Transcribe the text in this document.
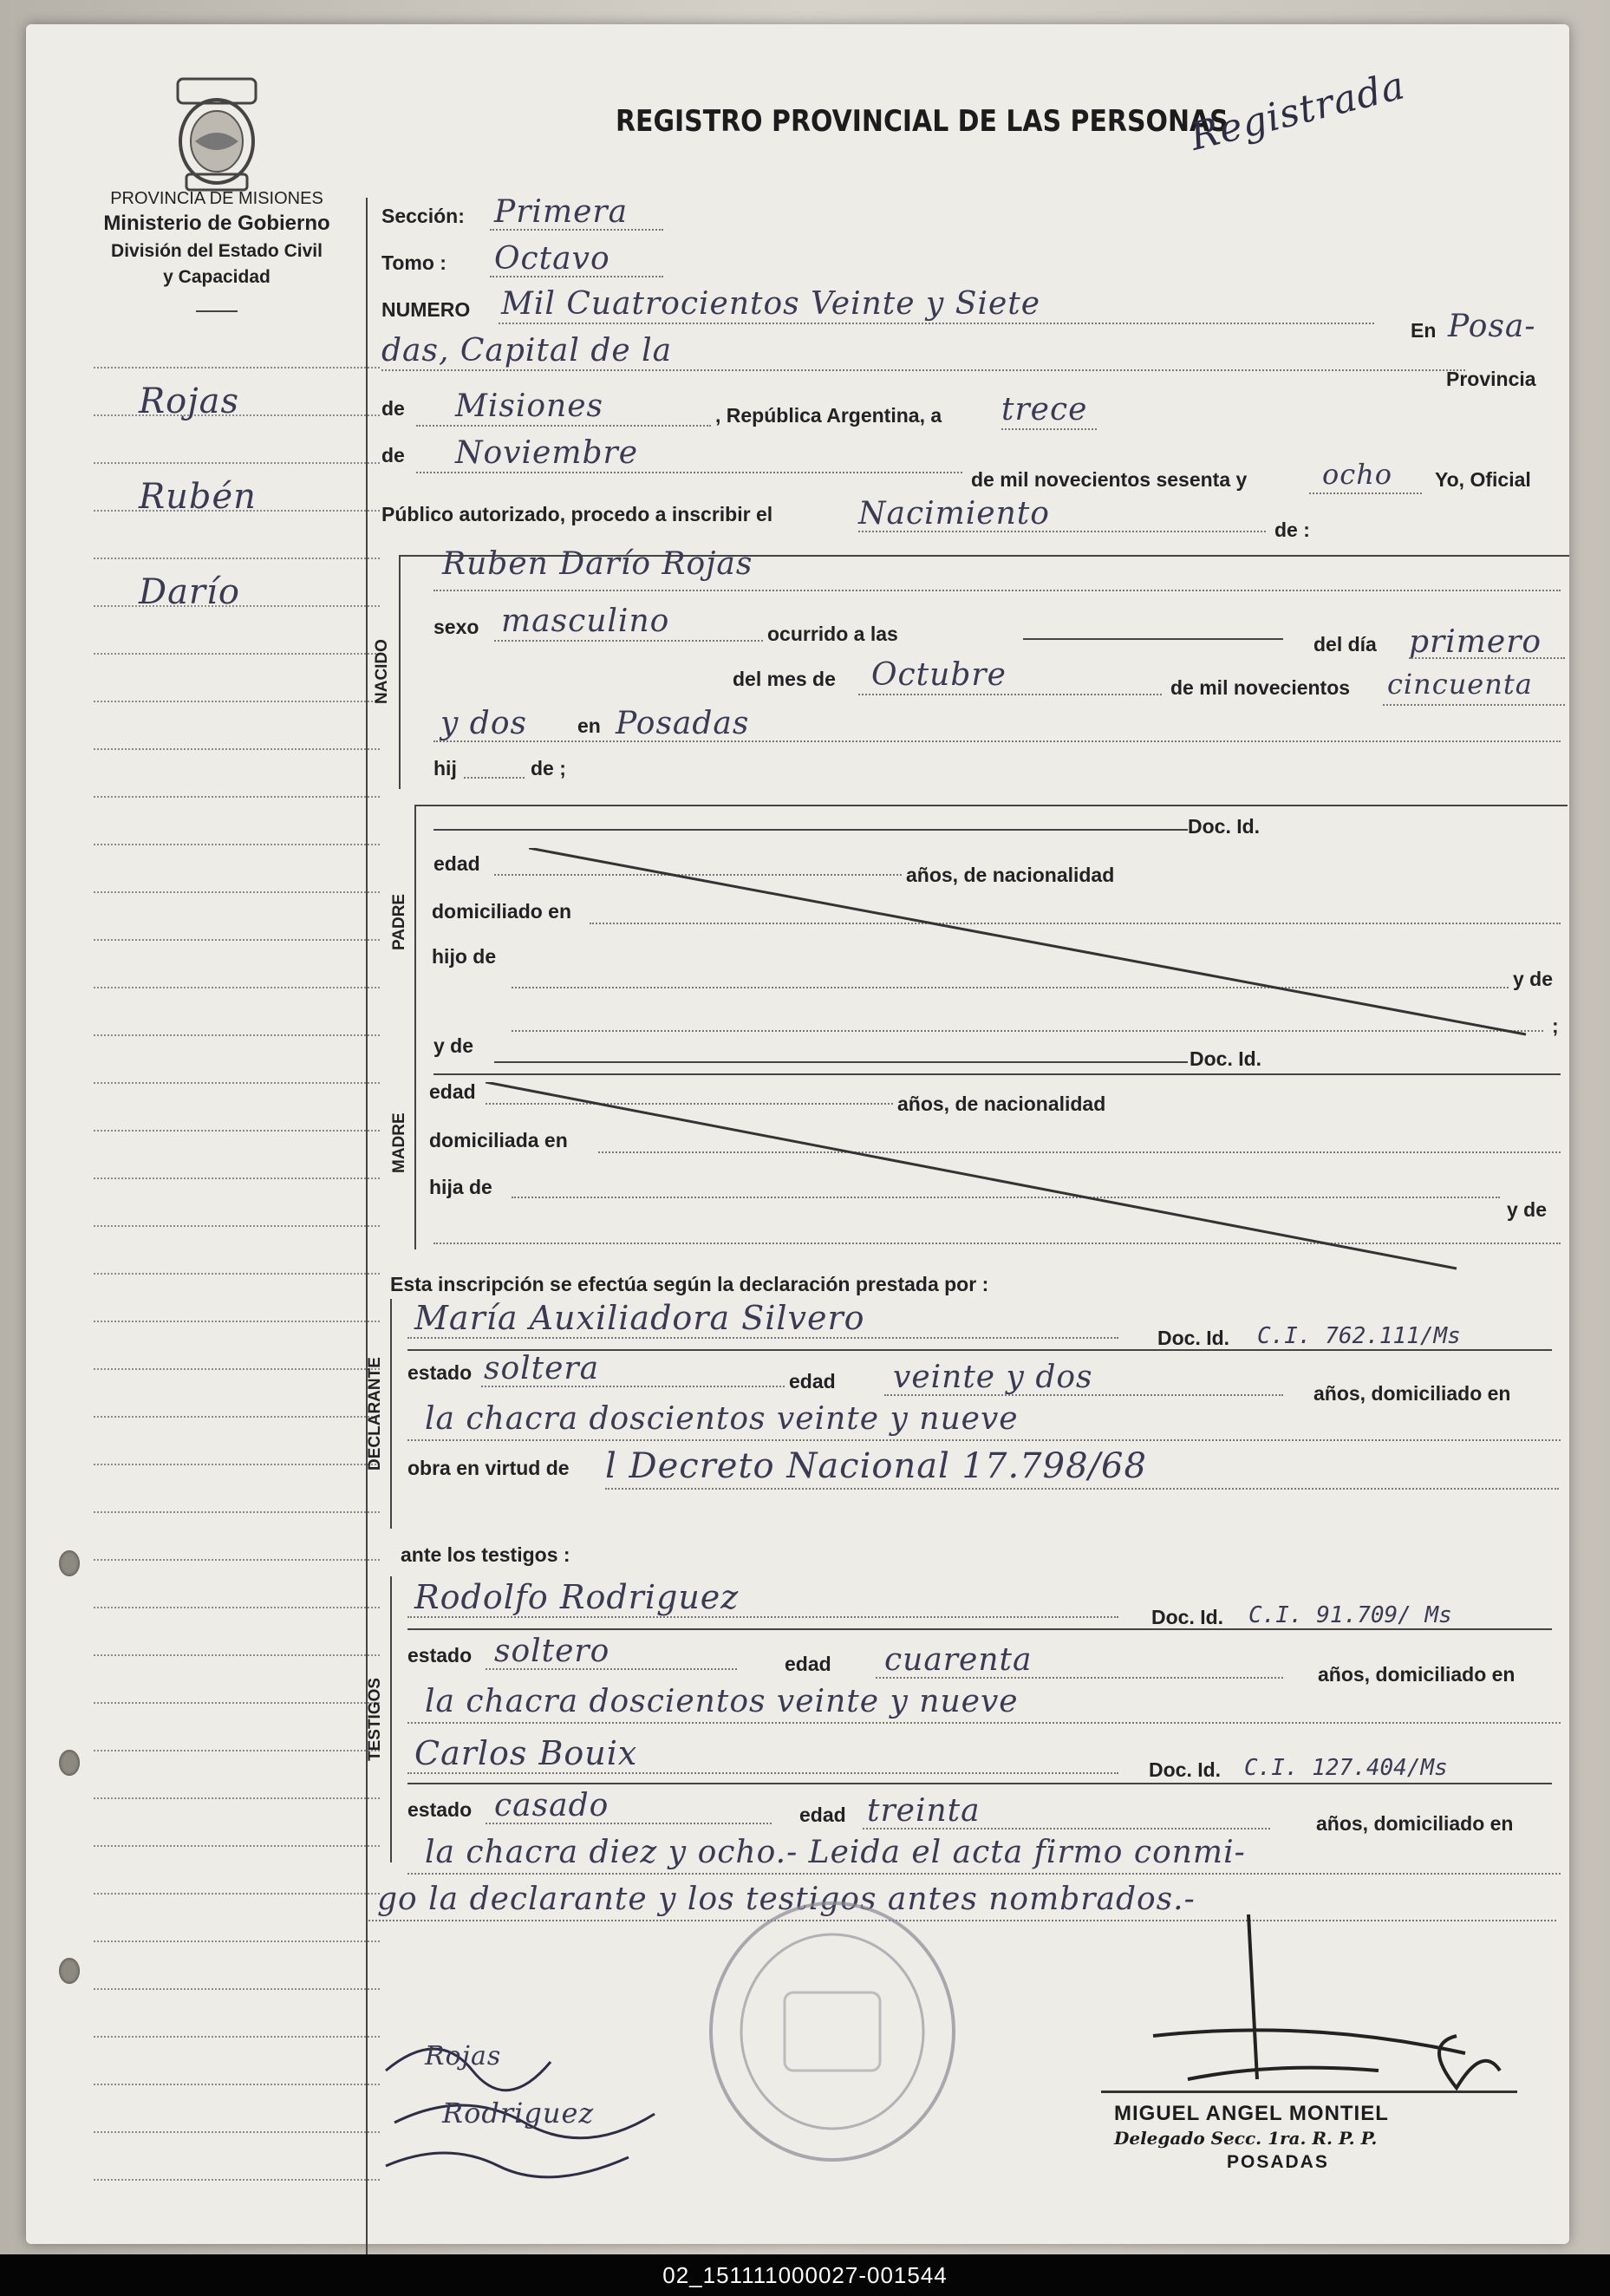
PROVINCIA DE MISIONES
Ministerio de Gobierno
División del Estado Civil
y Capacidad
REGISTRO PROVINCIAL DE LAS PERSONAS
Registrada
Rojas
Rubén
Darío
Sección: Primera
Tomo : Octavo
NUMERO Mil Cuatrocientos Veinte y Siete
En Posa-
das, Capital de la
Provincia
de Misiones	, República Argentina, a trece
de Noviembre
de mil novecientos sesenta y	ocho Yo, Oficial
Público autorizado, procedo a inscribir el	Nacimiento	de :
NACIDO
Ruben Darío Rojas
sexo masculino	ocurrido a las	del día primero
del mes de Octubre	de mil novecientos cincuenta
y dos	en Posadas
hij	de ;
PADRE
Doc. Id.
edad	años, de nacionalidad
domiciliado en
hijo de
y de
;
y de
MADRE
Doc. Id.
edad
años, de nacionalidad
domiciliada en
hija de
y de
Esta inscripción se efectúa según la declaración prestada por :
DECLARANTE
María Auxiliadora Silvero
Doc. Id. C.I. 762.111/Ms
estado soltera	edad veinte y dos	años, domiciliado en
la chacra doscientos veinte y nueve
obra en virtud de l Decreto Nacional 17.798/68
ante los testigos :
TESTIGOS
Rodolfo Rodriguez
Doc. Id. C.I. 91.709/ Ms
estado soltero	edad cuarenta	años, domiciliado en
la chacra doscientos veinte y nueve
Carlos Bouix	Doc. Id. C.I. 127.404/Ms
estado casado	edad treinta	años, domiciliado en
la chacra diez y ocho.- Leida el acta firmo conmi-
go la declarante y los testigos antes nombrados.-
MIGUEL ANGEL MONTIEL
Delegado Secc. 1ra. R. P. P.
POSADAS
Rojas
Rodriguez
02_151111000027-001544
